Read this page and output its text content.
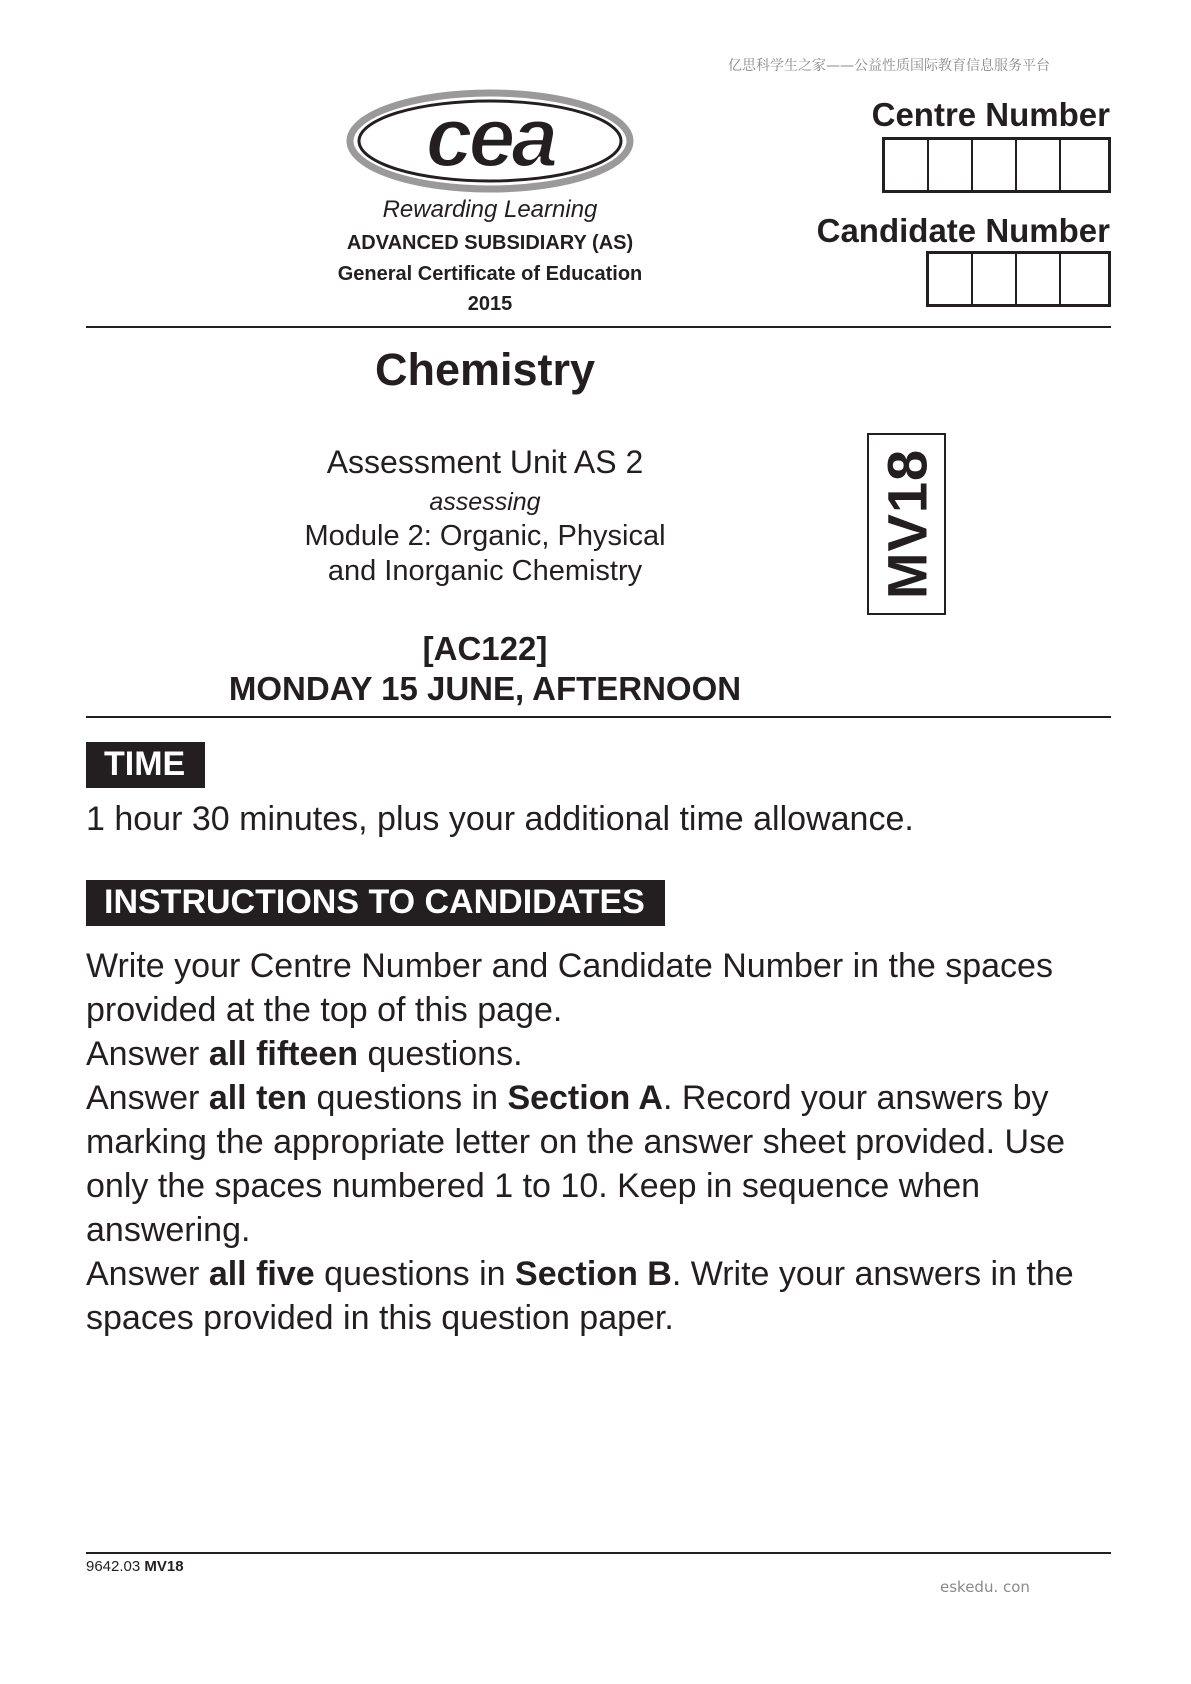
亿思科学生之家——公益性质国际教育信息服务平台
cea
Rewarding Learning
ADVANCED SUBSIDIARY (AS)
General Certificate of Education
2015
Centre Number
Candidate Number
Chemistry
Assessment Unit AS 2
assessing
Module 2: Organic, Physical
and Inorganic Chemistry	MV18
[AC122]
MONDAY 15 JUNE, AFTERNOON
TIME
1 hour 30 minutes, plus your additional time allowance.
INSTRUCTIONS TO CANDIDATES

Write your Centre Number and Candidate Number in the spaces provided at the top of this page.

Answer all fifteen questions.

Answer all ten questions in Section A. Record your answers by marking the appropriate letter on the answer sheet provided. Use only the spaces numbered 1 to 10. Keep in sequence when answering.

Answer all five questions in Section B. Write your answers in the spaces provided in this question paper.

9642.03 MV18
eskedu. con
